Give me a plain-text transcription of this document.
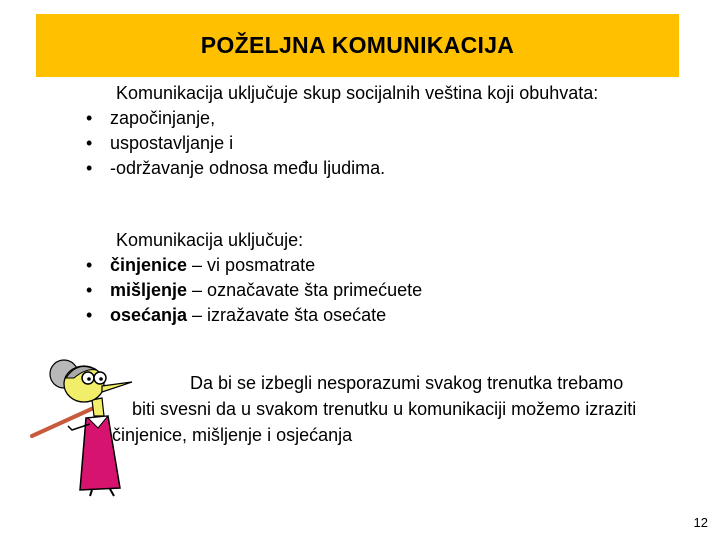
POŽELJNA KOMUNIKACIJA
Komunikacija uključuje skup socijalnih veština koji obuhvata:
• započinjanje,
• uspostavljanje i
• -održavanje odnosa među ljudima.
Komunikacija uključuje:
• činjenice – vi posmatrate
• mišljenje – označavate šta primećuete
• osećanja – izražavate šta osećate
Da bi se izbegli nesporazumi svakog trenutka trebamo
biti svesni da u svakom trenutku u komunikaciji možemo izraziti
činjenice, mišljenje i osjećanja
12
